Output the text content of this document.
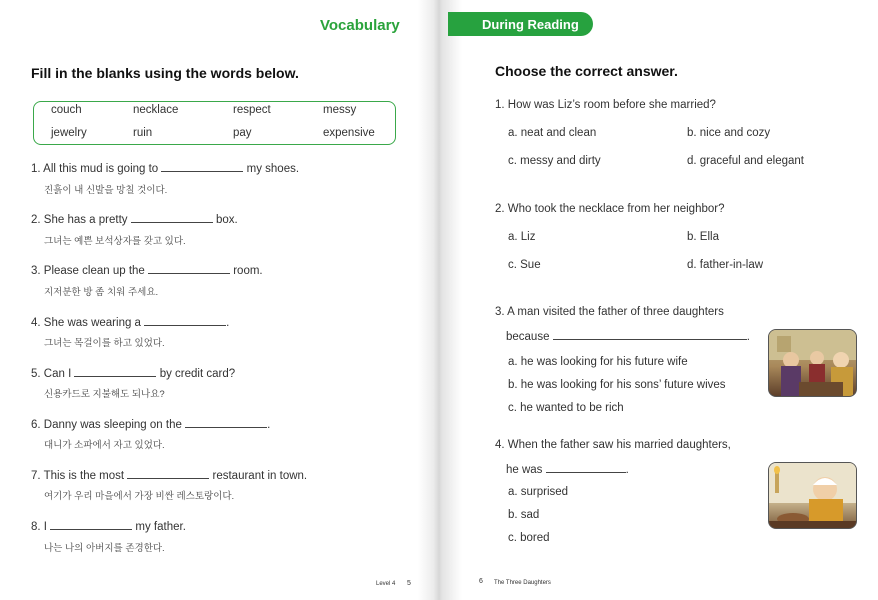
Vocabulary
Fill in the blanks using the words below.
couch	necklace	respect	messy
jewelry	ruin	pay	expensive
1. All this mud is going to	my shoes.
진흙이 내 신발을 망칠 것이다.
2. She has a pretty	box.
그녀는 예쁜 보석상자를 갖고 있다.
3. Please clean up the	room.
지저분한 방 좀 치워 주세요.
4. She was wearing a	.
그녀는 목걸이를 하고 있었다.
5. Can I	by credit card?
신용카드로 지불해도 되나요?
6. Danny was sleeping on the	.
대니가 소파에서 자고 있었다.
7. This is the most	restaurant in town.
여기가 우리 마을에서 가장 비싼 레스토랑이다.
8. I	my father.
나는 나의 아버지를 존경한다.
Level 4 5
During Reading
Choose the correct answer.
1. How was Liz’s room before she married?
a. neat and clean	b. nice and cozy
c. messy and dirty	d. graceful and elegant
2. Who took the necklace from her neighbor?
a. Liz	b. Ella
c. Sue	d. father-in-law
3. A man visited the father of three daughters
because	.
a. he was looking for his future wife
b. he was looking for his sons’ future wives
c. he wanted to be rich
4. When the father saw his married daughters,
he was	.
a. surprised
b. sad
c. bored
6 The Three Daughters
